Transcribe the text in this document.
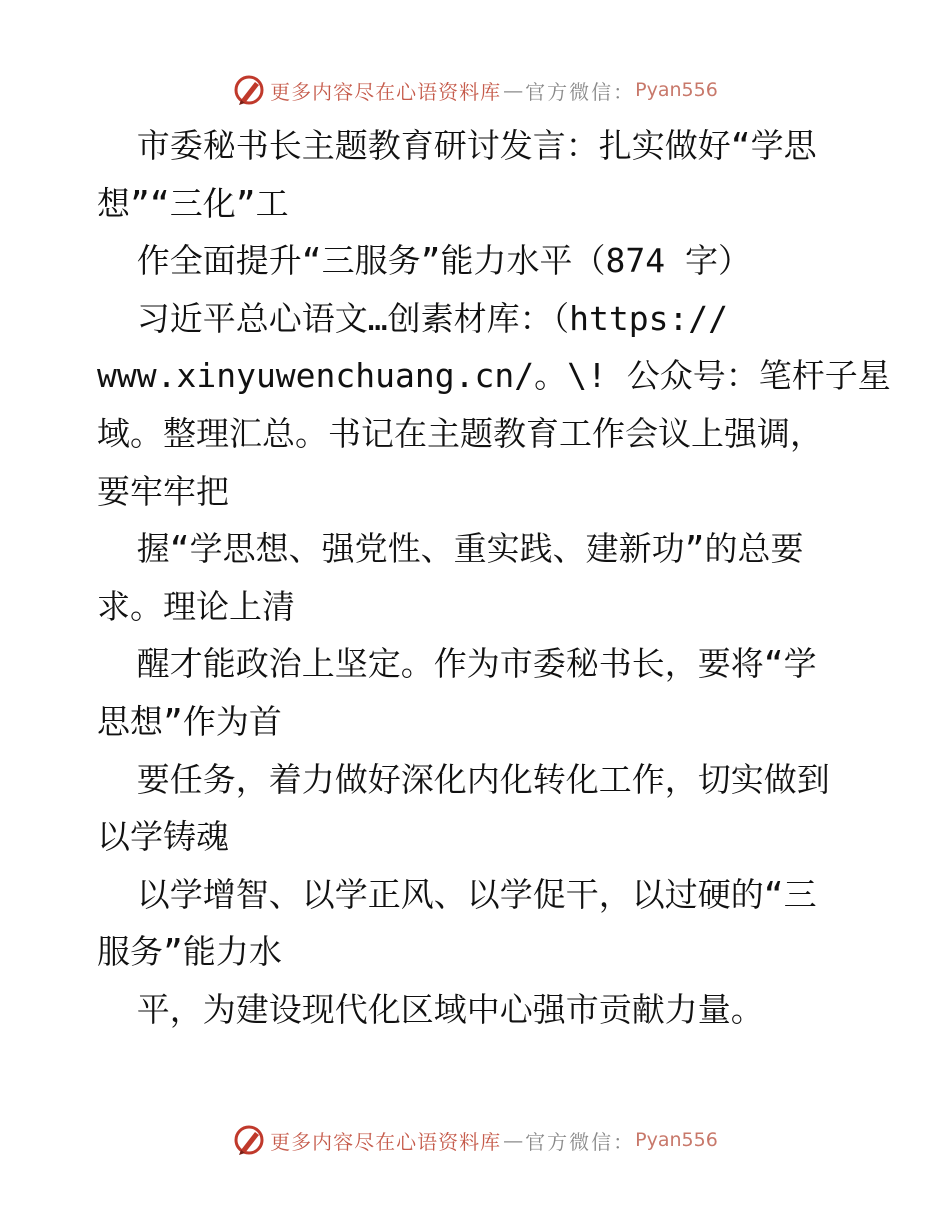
更多内容尽在心语资料库 — 官方微信： Pyan556
市委秘书长主题教育研讨发言：扎实做好“学思
想”“三化”工
作全面提升“三服务”能力水平（874 字）
习近平总心语文…创素材库：（https://
www.xinyuwenchuang.cn/。\! 公众号：笔杆子星
域。整理汇总。书记在主题教育工作会议上强调，
要牢牢把
握“学思想、强党性、重实践、建新功”的总要
求。理论上清
醒才能政治上坚定。作为市委秘书长，要将“学
思想”作为首
要任务，着力做好深化内化转化工作，切实做到
以学铸魂
以学增智、以学正风、以学促干，以过硬的“三
服务”能力水
平，为建设现代化区域中心强市贡献力量。
更多内容尽在心语资料库 — 官方微信： Pyan556
